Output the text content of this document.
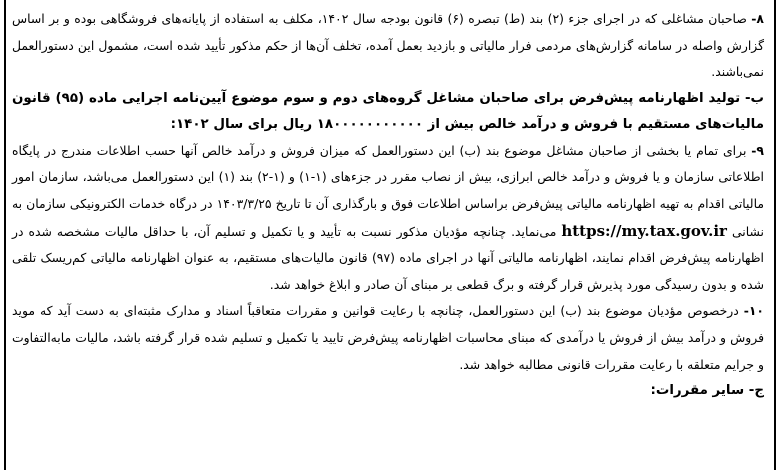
۸- صاحبان مشاغلی که در اجرای جزء (۲) بند (ط) تبصره (۶) قانون بودجه سال ۱۴۰۲، مکلف به استفاده از پایانه‌های فروشگاهی بوده و بر اساس گزارش واصله در سامانه گزارش‌های مردمی فرار مالیاتی و بازدید بعمل آمده، تخلف آن‌ها از حکم مذکور تأیید شده است، مشمول این دستورالعمل نمی‌باشند.

ب- تولید اظهارنامه پیش‌فرض برای صاحبان مشاغل گروه‌های دوم و سوم موضوع آیین‌نامه اجرایی ماده (۹۵) قانون مالیات‌های مستقیم با فروش و درآمد خالص بیش از ۱۸۰۰۰۰۰۰۰۰۰۰۰ ریال برای سال ۱۴۰۲:

۹- برای تمام یا بخشی از صاحبان مشاغل موضوع بند (ب) این دستورالعمل که میزان فروش و درآمد خالص آنها حسب اطلاعات مندرج در پایگاه اطلاعاتی سازمان و یا فروش و درآمد خالص ابرازی، بیش از نصاب مقرر در جزءهای (۱-۱) و (۱-۲) بند (۱) این دستورالعمل می‌باشد، سازمان امور مالیاتی اقدام به تهیه اظهارنامه مالیاتی پیش‌فرض براساس اطلاعات فوق و بارگذاری آن تا تاریخ ۱۴۰۳/۳/۲۵ در درگاه خدمات الکترونیکی سازمان به نشانی https://my.tax.gov.ir می‌نماید. چنانچه مؤدیان مذکور نسبت به تأیید و یا تکمیل و تسلیم آن، با حداقل مالیات مشخصه شده در اظهارنامه پیش‌فرض اقدام نمایند، اظهارنامه مالیاتی آنها در اجرای ماده (۹۷) قانون مالیات‌های مستقیم، به عنوان اظهارنامه مالیاتی کم‌ریسک تلقی شده و بدون رسیدگی مورد پذیرش قرار گرفته و برگ قطعی بر مبنای آن صادر و ابلاغ خواهد شد.

۱۰- درخصوص مؤدیان موضوع بند (ب) این دستورالعمل، چنانچه با رعایت قوانین و مقررات متعاقباً اسناد و مدارک مثبته‌ای به دست آید که موید فروش و درآمد بیش از فروش یا درآمدی که مبنای محاسبات اظهارنامه پیش‌فرض تایید یا تکمیل و تسلیم شده قرار گرفته باشد، مالیات مابه‌التفاوت و جرایم متعلقه با رعایت مقررات قانونی مطالبه خواهد شد.

ج- سایر مقررات:
